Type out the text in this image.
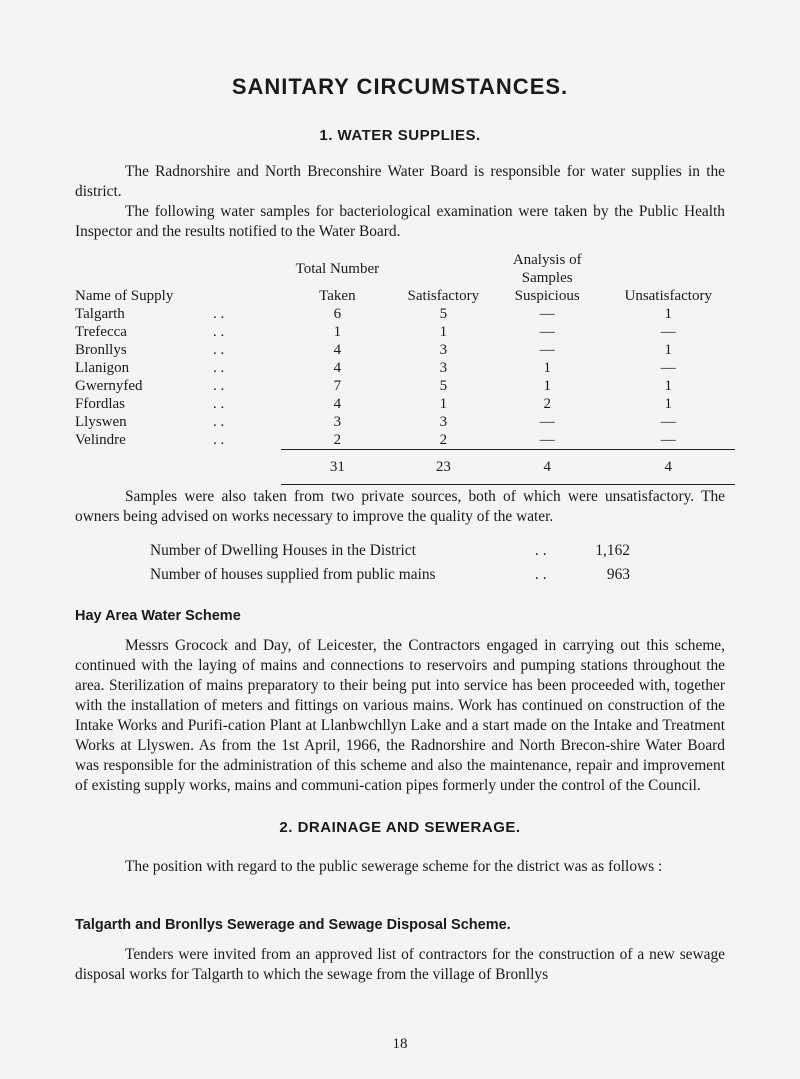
SANITARY CIRCUMSTANCES.
1. WATER SUPPLIES.

The Radnorshire and North Breconshire Water Board is responsible for water supplies in the district.

The following water samples for bacteriological examination were taken by the Public Health Inspector and the results notified to the Water Board.

		Total Number		Analysis of Samples	
Name of Supply		Taken	Satisfactory	Suspicious	Unsatisfactory
Talgarth	. .	6	5	—	1
Trefecca	. .	1	1	—	—
Bronllys	. .	4	3	—	1
Llanigon	. .	4	3	1	—
Gwernyfed	. .	7	5	1	1
Ffordlas	. .	4	1	2	1
Llyswen	. .	3	3	—	—
Velindre	. .	2	2	—	—
		31	23	4	4

Samples were also taken from two private sources, both of which were unsatisfactory. The owners being advised on works necessary to improve the quality of the water.

Number of Dwelling Houses in the District	. .	1,162
Number of houses supplied from public mains	. .	963
Hay Area Water Scheme

Messrs Grocock and Day, of Leicester, the Contractors engaged in carrying out this scheme, continued with the laying of mains and connections to reservoirs and pumping stations throughout the area. Sterilization of mains preparatory to their being put into service has been proceeded with, together with the installation of meters and fittings on various mains. Work has continued on construction of the Intake Works and Purifi-cation Plant at Llanbwchllyn Lake and a start made on the Intake and Treatment Works at Llyswen. As from the 1st April, 1966, the Radnorshire and North Brecon-shire Water Board was responsible for the administration of this scheme and also the maintenance, repair and improvement of existing supply works, mains and communi-cation pipes formerly under the control of the Council.

2. DRAINAGE AND SEWERAGE.

The position with regard to the public sewerage scheme for the district was as follows :

Talgarth and Bronllys Sewerage and Sewage Disposal Scheme.

Tenders were invited from an approved list of contractors for the construction of a new sewage disposal works for Talgarth to which the sewage from the village of Bronllys

18
